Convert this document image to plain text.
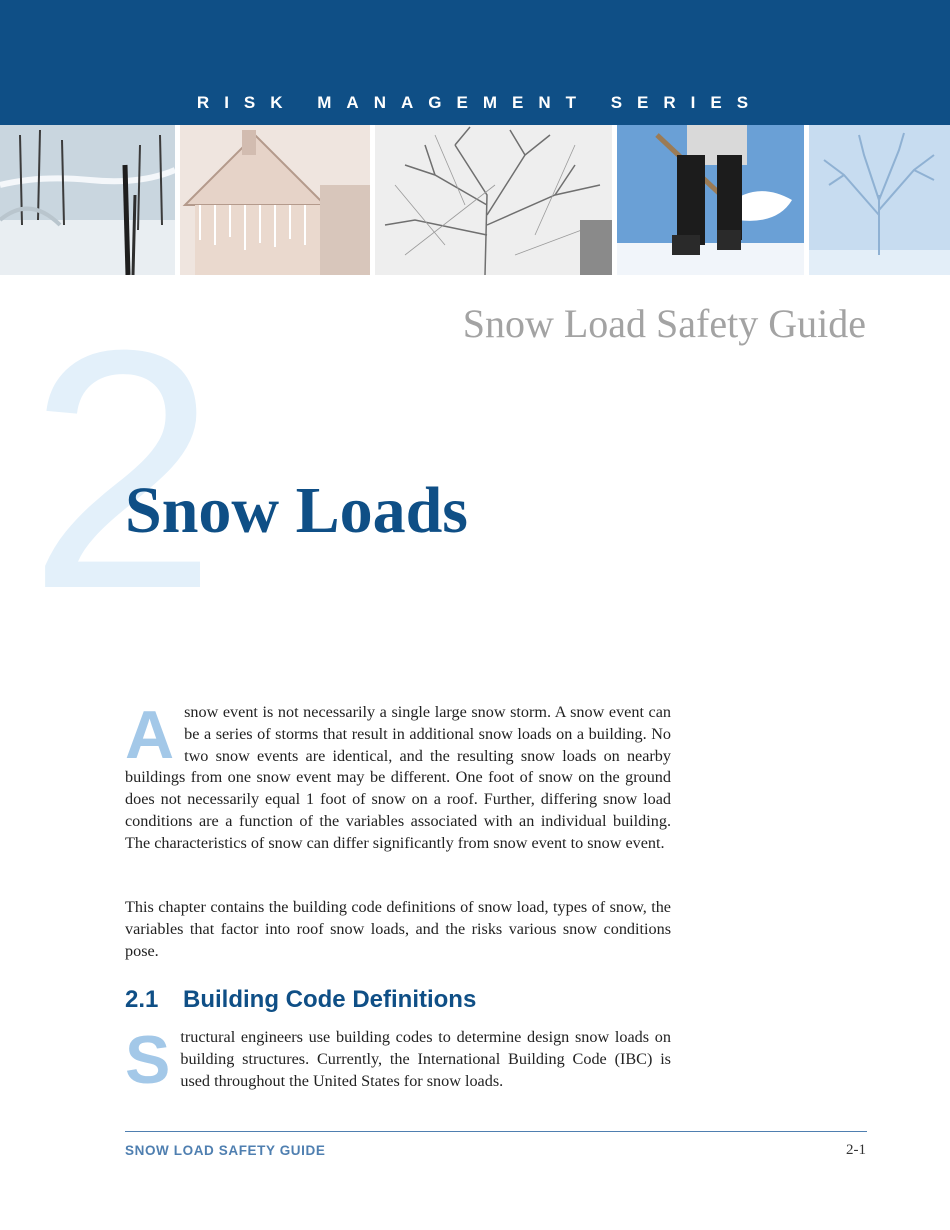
RISK MANAGEMENT SERIES
Snow Load Safety Guide
2
Snow Loads

Asnow event is not necessarily a single large snow storm. A snow event can be a series of storms that result in additional snow loads on a building. No two snow events are identical, and the resulting snow loads on nearby buildings from one snow event may be different. One foot of snow on the ground does not necessarily equal 1 foot of snow on a roof. Further, differing snow load conditions are a function of the variables associated with an individual building. The characteristics of snow can differ significantly from snow event to snow event.

This chapter contains the building code definitions of snow load, types of snow, the variables that factor into roof snow loads, and the risks various snow conditions pose.

2.1 Building Code Definitions

Structural engineers use building codes to determine design snow loads on building structures. Currently, the International Building Code (IBC) is used throughout the United States for snow loads.

SNOW LOAD SAFETY GUIDE	2-1
